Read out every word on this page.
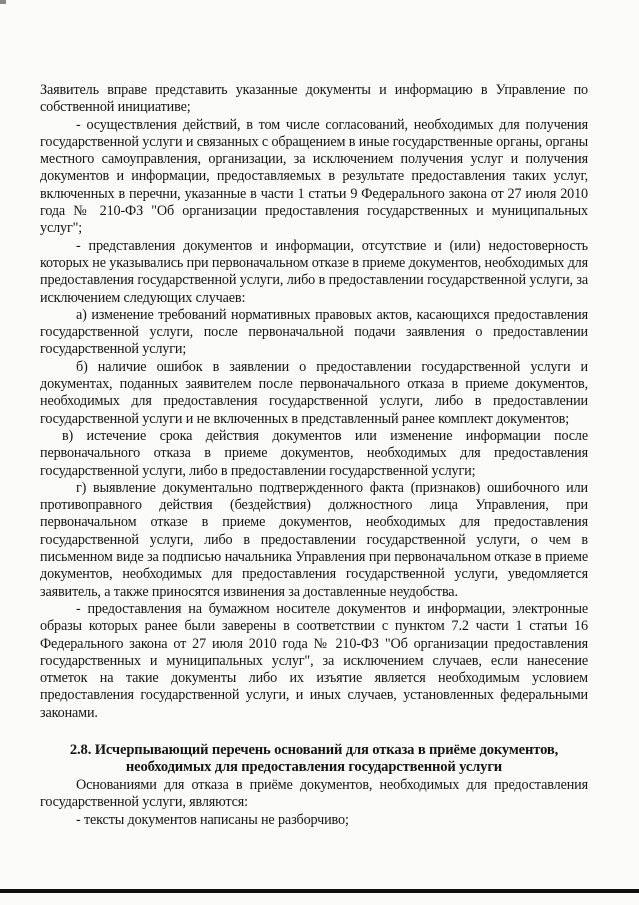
Заявитель вправе представить указанные документы и информацию в Управление по собственной инициативе;

- осуществления действий, в том числе согласований, необходимых для получения государственной услуги и связанных с обращением в иные государственные органы, органы местного самоуправления, организации, за исключением получения услуг и получения документов и информации, предоставляемых в результате предоставления таких услуг, включенных в перечни, указанные в части 1 статьи 9 Федерального закона от 27 июля 2010 года № 210-ФЗ "Об организации предоставления государственных и муниципальных услуг";

- представления документов и информации, отсутствие и (или) недостоверность которых не указывались при первоначальном отказе в приеме документов, необходимых для предоставления государственной услуги, либо в предоставлении государственной услуги, за исключением следующих случаев:

а) изменение требований нормативных правовых актов, касающихся предоставления государственной услуги, после первоначальной подачи заявления о предоставлении государственной услуги;

б) наличие ошибок в заявлении о предоставлении государственной услуги и документах, поданных заявителем после первоначального отказа в приеме документов, необходимых для предоставления государственной услуги, либо в предоставлении государственной услуги и не включенных в представленный ранее комплект документов;

в) истечение срока действия документов или изменение информации после первоначального отказа в приеме документов, необходимых для предоставления государственной услуги, либо в предоставлении государственной услуги;

г) выявление документально подтвержденного факта (признаков) ошибочного или противоправного действия (бездействия) должностного лица Управления, при первоначальном отказе в приеме документов, необходимых для предоставления государственной услуги, либо в предоставлении государственной услуги, о чем в письменном виде за подписью начальника Управления при первоначальном отказе в приеме документов, необходимых для предоставления государственной услуги, уведомляется заявитель, а также приносятся извинения за доставленные неудобства.

- предоставления на бумажном носителе документов и информации, электронные образы которых ранее были заверены в соответствии с пунктом 7.2 части 1 статьи 16 Федерального закона от 27 июля 2010 года № 210-ФЗ "Об организации предоставления государственных и муниципальных услуг", за исключением случаев, если нанесение отметок на такие документы либо их изъятие является необходимым условием предоставления государственной услуги, и иных случаев, установленных федеральными законами.

2.8. Исчерпывающий перечень оснований для отказа в приёме документов, необходимых для предоставления государственной услуги

Основаниями для отказа в приёме документов, необходимых для предоставления государственной услуги, являются:

- тексты документов написаны не разборчиво;
